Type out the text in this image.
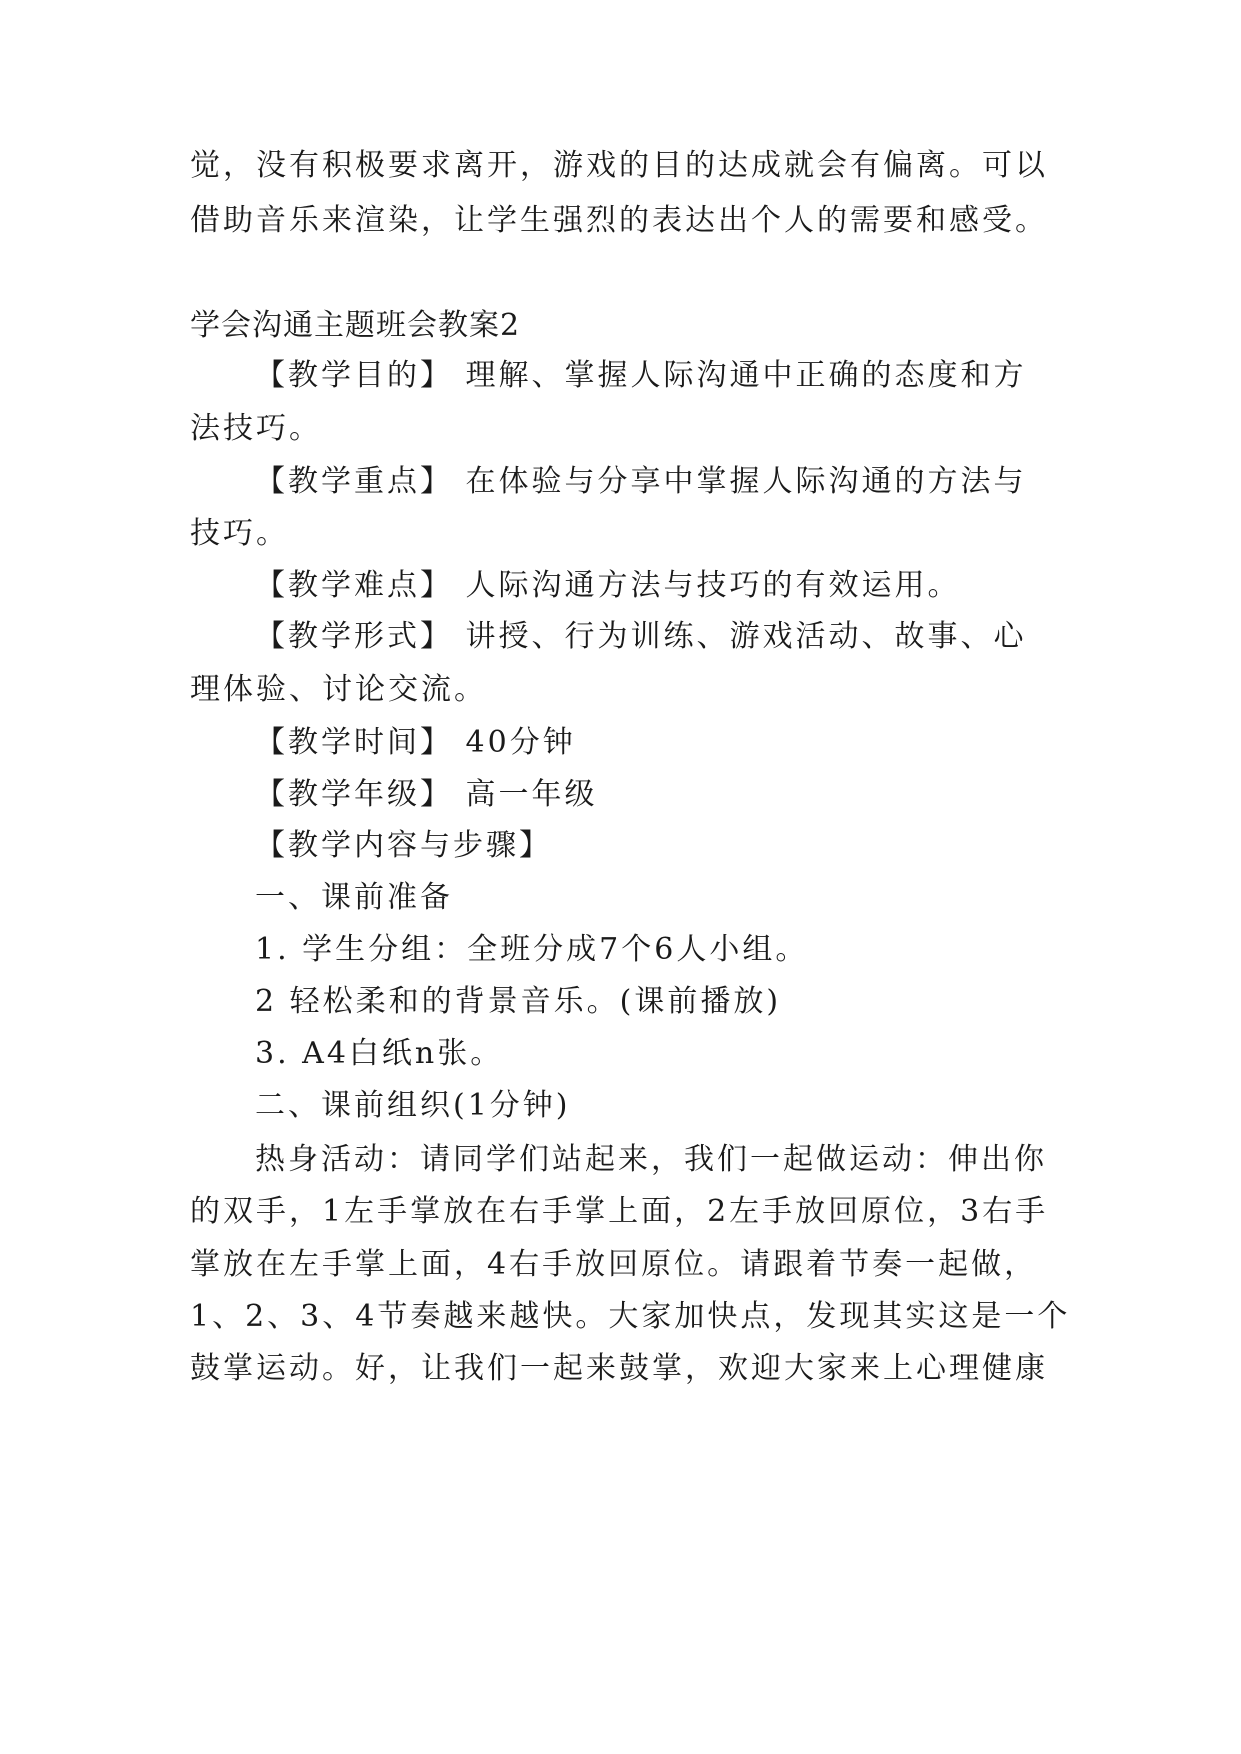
觉，没有积极要求离开，游戏的目的达成就会有偏离。可以
借助音乐来渲染，让学生强烈的表达出个人的需要和感受。
学会沟通主题班会教案2
【教学目的】 理解、掌握人际沟通中正确的态度和方
法技巧。
【教学重点】 在体验与分享中掌握人际沟通的方法与
技巧。
【教学难点】 人际沟通方法与技巧的有效运用。
【教学形式】 讲授、行为训练、游戏活动、故事、心
理体验、讨论交流。
【教学时间】 40分钟
【教学年级】 高一年级
【教学内容与步骤】
一、课前准备
1. 学生分组：全班分成7个6人小组。
2 轻松柔和的背景音乐。(课前播放)
3. A4白纸n张。
二、课前组织(1分钟)
热身活动：请同学们站起来，我们一起做运动：伸出你
的双手，1左手掌放在右手掌上面，2左手放回原位，3右手
掌放在左手掌上面，4右手放回原位。请跟着节奏一起做，
1、2、3、4节奏越来越快。大家加快点，发现其实这是一个
鼓掌运动。好，让我们一起来鼓掌，欢迎大家来上心理健康
